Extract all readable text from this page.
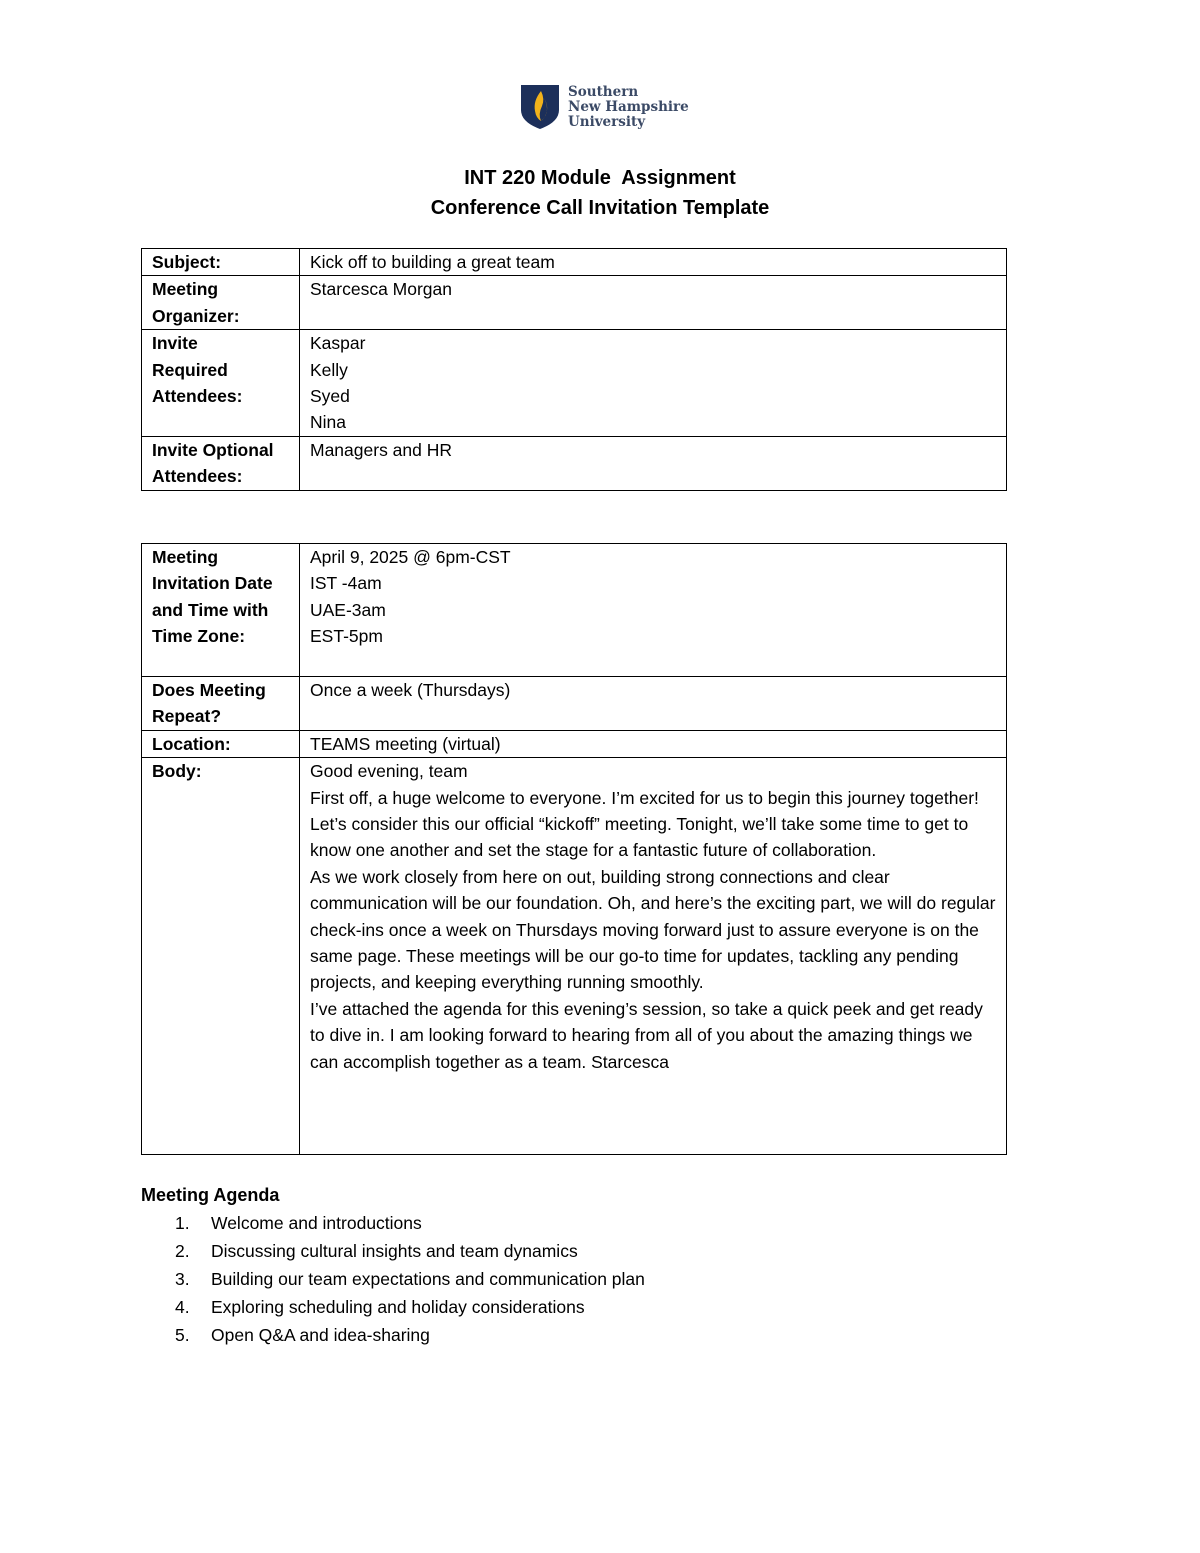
Southern
New Hampshire
University
INT 220 Module  Assignment
Conference Call Invitation Template
Subject:	Kick off to building a great team

Meeting
Organizer:	Starcesca Morgan

Invite
Required
Attendees:	Kaspar
Kelly
Syed
Nina

Invite Optional
Attendees:	Managers and HR
Meeting
Invitation Date
and Time with
Time Zone:	April 9, 2025 @ 6pm-CST
IST -4am
UAE-3am
EST-5pm

Does Meeting
Repeat?	Once a week (Thursdays)
Location:	TEAMS meeting (virtual)
Body:	Good evening, team
First off, a huge welcome to everyone. I’m excited for us to begin this journey together! Let’s consider this our official “kickoff” meeting. Tonight, we’ll take some time to get to know one another and set the stage for a fantastic future of collaboration.
As we work closely from here on out, building strong connections and clear communication will be our foundation. Oh, and here’s the exciting part, we will do regular check-ins once a week on Thursdays moving forward just to assure everyone is on the same page. These meetings will be our go-to time for updates, tackling any pending projects, and keeping everything running smoothly.
I’ve attached the agenda for this evening’s session, so take a quick peek and get ready to dive in. I am looking forward to hearing from all of you about the amazing things we can accomplish together as a team. Starcesca
Meeting Agenda
1.	Welcome and introductions
2.	Discussing cultural insights and team dynamics
3.	Building our team expectations and communication plan
4.	Exploring scheduling and holiday considerations
5.	Open Q&A and idea-sharing
